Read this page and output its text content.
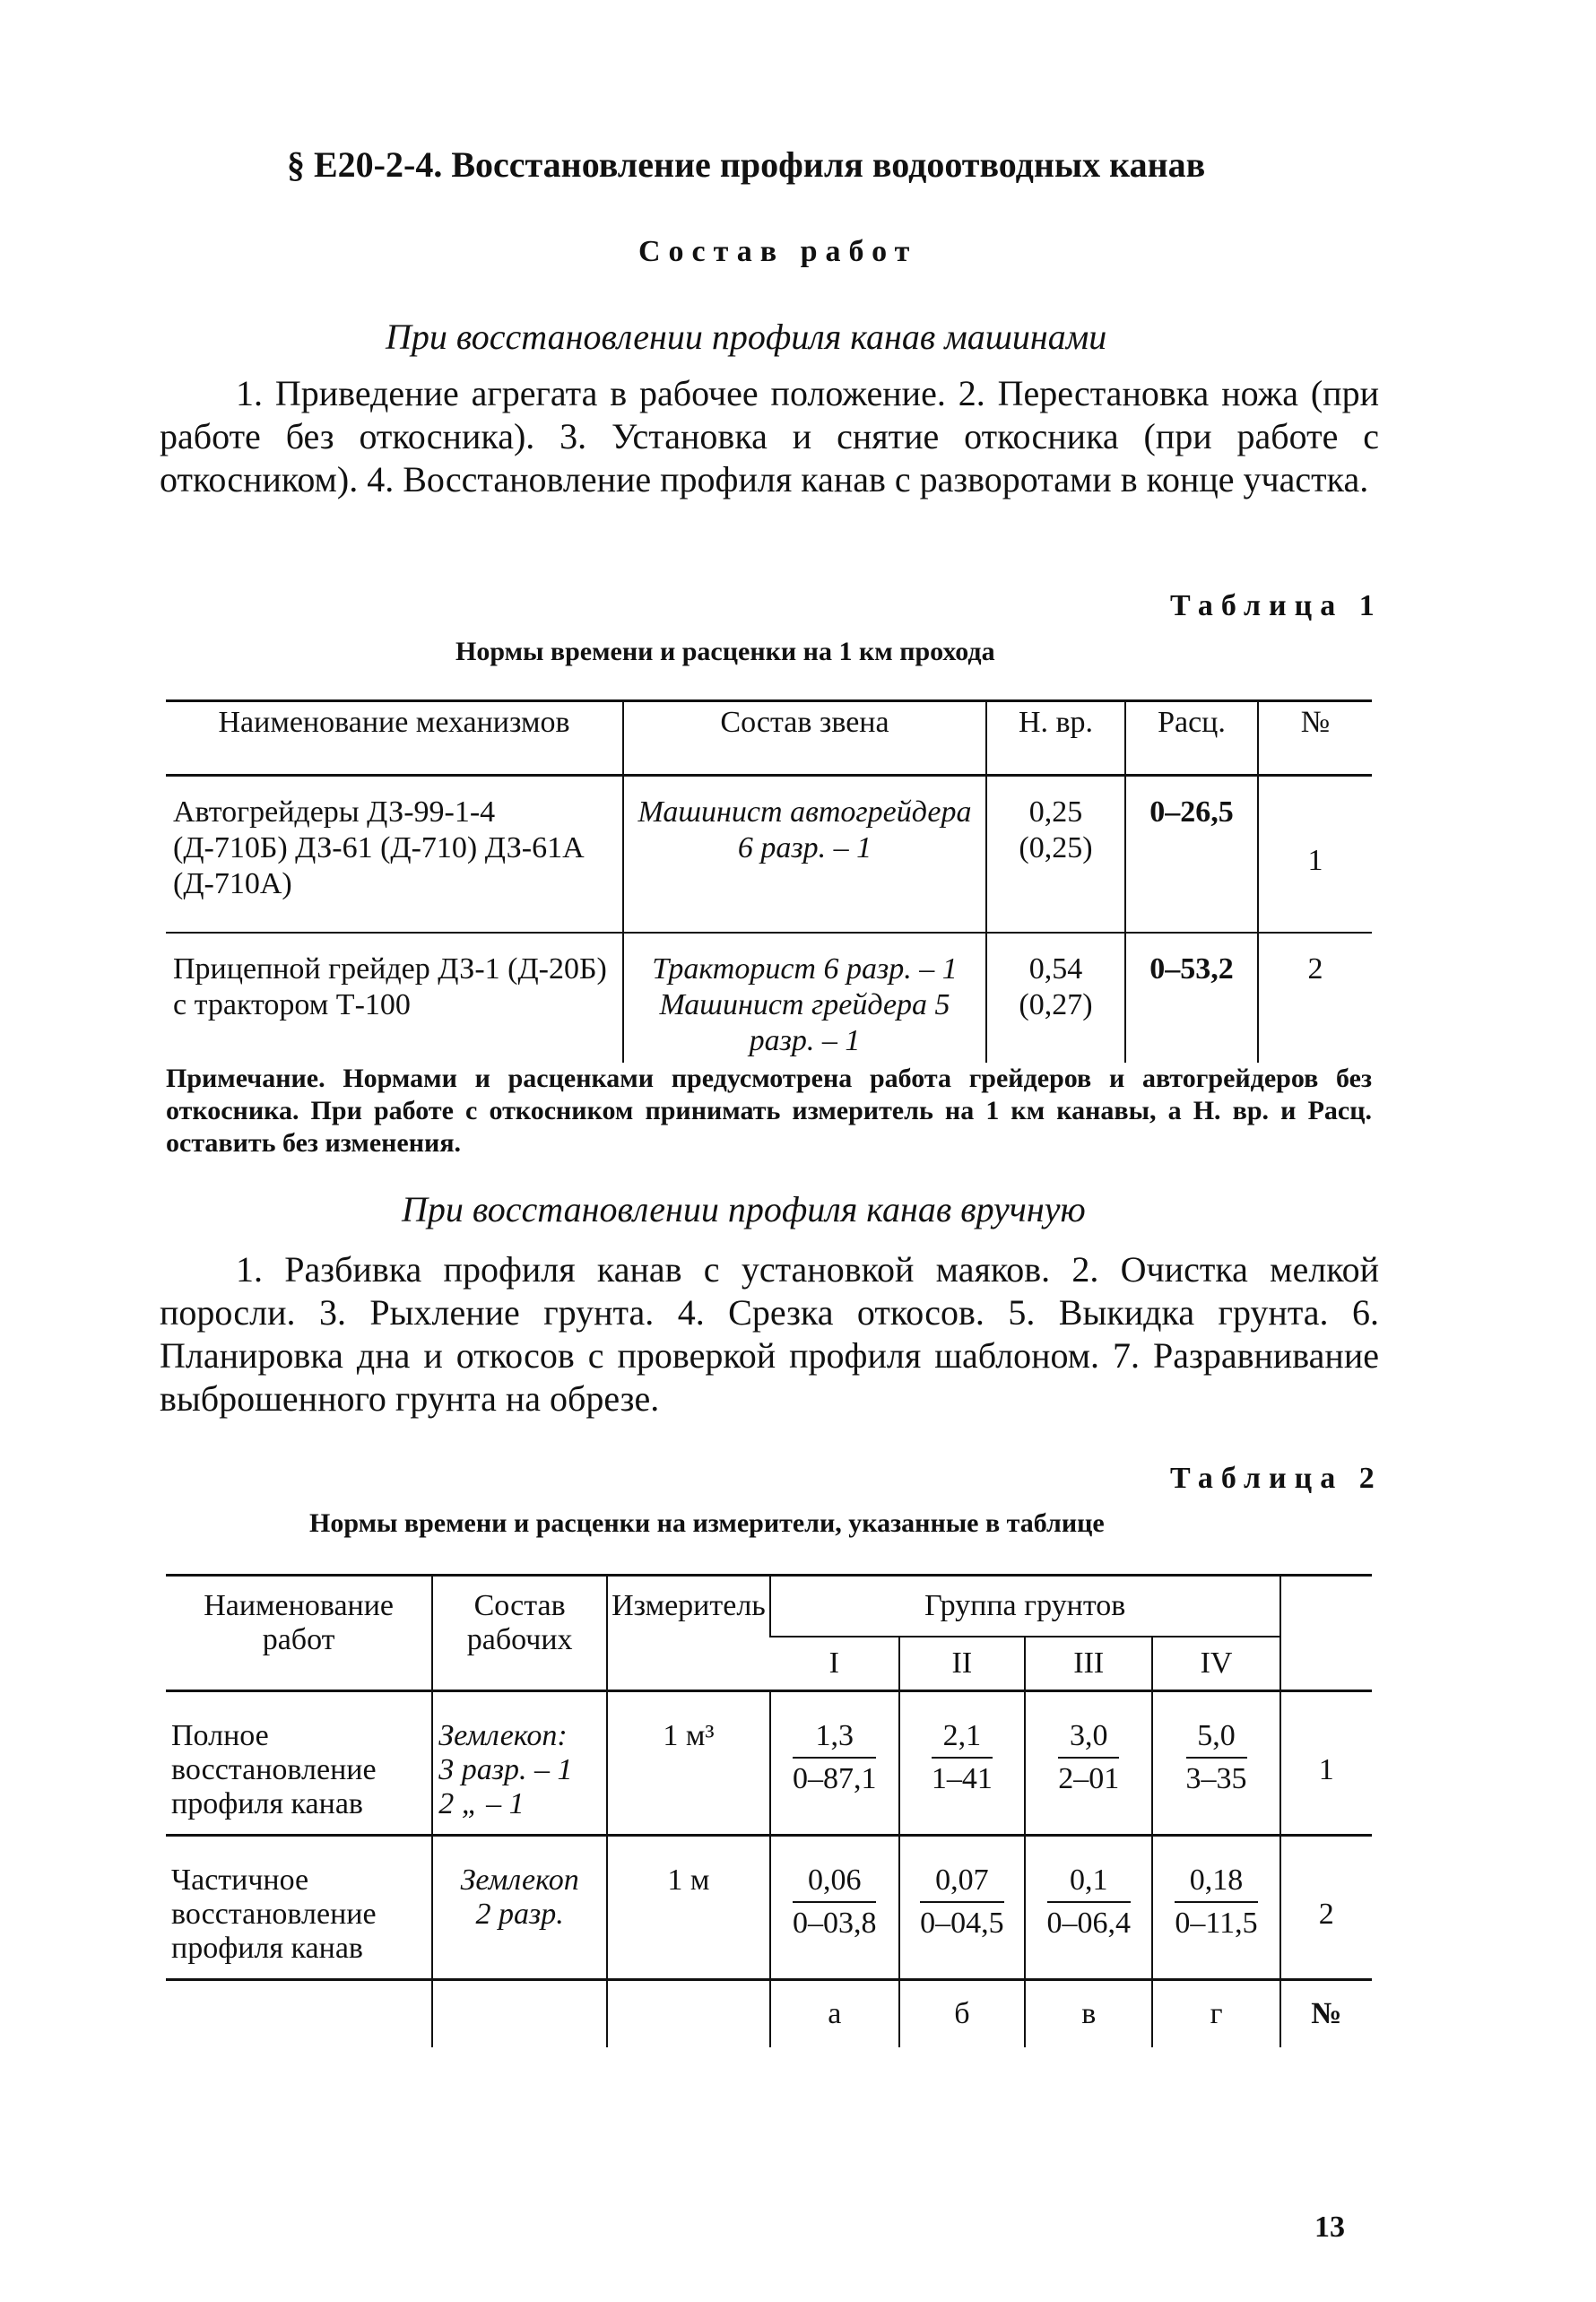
§ Е20-2-4. Восстановление профиля водоотводных канав
Состав работ
При восстановлении профиля канав машинами
1. Приведение агрегата в рабочее положение. 2. Перестановка ножа (при работе без откосника). 3. Установка и снятие откосника (при работе с откосником). 4. Восстановление профиля канав с разворотами в конце участка.
Таблица 1
Нормы времени и расценки на 1 км прохода
Наименование механизмов	Состав звена	Н. вр.	Расц.	№
Автогрейдеры ДЗ-99-1-4 (Д-710Б) ДЗ-61 (Д-710) ДЗ-61А (Д-710А)	Машинист автогрейдера 6 разр. – 1	0,25
(0,25)	0–26,5	1
Прицепной грейдер ДЗ-1 (Д-20Б) с трактором Т-100	Тракторист 6 разр. – 1 Машинист грейдера 5 разр. – 1	0,54
(0,27)	0–53,2	2
Примечание. Нормами и расценками предусмотрена работа грейдеров и автогрейдеров без откосника. При работе с откосником принимать измеритель на 1 км канавы, а Н. вр. и Расц. оставить без изменения.
При восстановлении профиля канав вручную
1. Разбивка профиля канав с установкой маяков. 2. Очистка мелкой поросли. 3. Рыхление грунта. 4. Срезка откосов. 5. Выкидка грунта. 6. Планировка дна и откосов с проверкой профиля шаблоном. 7. Разравнивание выброшенного грунта на обрезе.
Таблица 2
Нормы времени и расценки на измерители, указанные в таблице
Наименование работ	Состав рабочих	Измеритель	Группа грунтов				
			I	II	III	IV	
Полное восстановление профиля канав	Землекоп:
3 разр. – 1
2 „ – 1	1 м³	$\frac{1,3}{0-87,1}$	$\frac{2,1}{1-41}$	$\frac{3,0}{2-01}$	$\frac{5,0}{3-35}$	1
Частичное восстановление профиля канав	Землекоп
2 разр.	1 м	$\frac{0,06}{0-03,8}$	$\frac{0,07}{0-04,5}$	$\frac{0,1}{0-06,4}$	$\frac{0,18}{0-11,5}$	2
			а	б	в	г	№
13
